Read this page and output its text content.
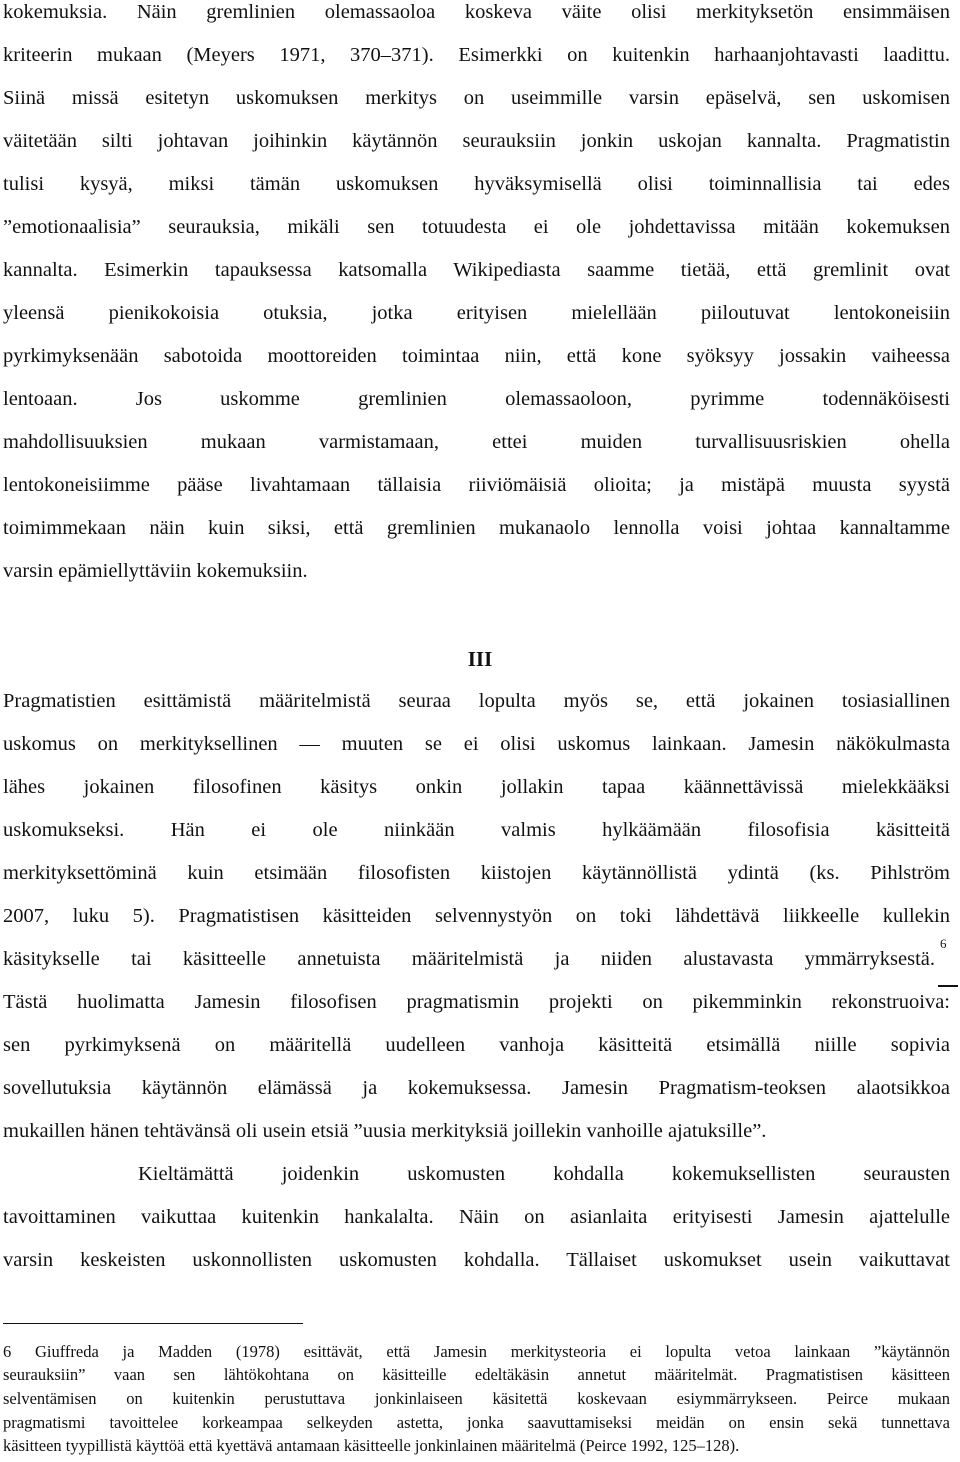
kokemuksia. Näin gremlinien olemassaoloa koskeva väite olisi merkityksetön ensimmäisen
kriteerin mukaan (Meyers 1971, 370–371). Esimerkki on kuitenkin harhaanjohtavasti laadittu.
Siinä missä esitetyn uskomuksen merkitys on useimmille varsin epäselvä, sen uskomisen
väitetään silti johtavan joihinkin käytännön seurauksiin jonkin uskojan kannalta. Pragmatistin
tulisi kysyä, miksi tämän uskomuksen hyväksymisellä olisi toiminnallisia tai edes
”emotionaalisia” seurauksia, mikäli sen totuudesta ei ole johdettavissa mitään kokemuksen
kannalta. Esimerkin tapauksessa katsomalla Wikipediasta saamme tietää, että gremlinit ovat
yleensä pienikokoisia otuksia, jotka erityisen mielellään piiloutuvat lentokoneisiin
pyrkimyksenään sabotoida moottoreiden toimintaa niin, että kone syöksyy jossakin vaiheessa
lentoaan. Jos uskomme gremlinien olemassaoloon, pyrimme todennäköisesti
mahdollisuuksien mukaan varmistamaan, ettei muiden turvallisuusriskien ohella
lentokoneisiimme pääse livahtamaan tällaisia riiviömäisiä olioita; ja mistäpä muusta syystä
toimimmekaan näin kuin siksi, että gremlinien mukanaolo lennolla voisi johtaa kannaltamme
varsin epämiellyttäviin kokemuksiin.
III
Pragmatistien esittämistä määritelmistä seuraa lopulta myös se, että jokainen tosiasiallinen
uskomus on merkityksellinen — muuten se ei olisi uskomus lainkaan. Jamesin näkökulmasta
lähes jokainen filosofinen käsitys onkin jollakin tapaa käännettävissä mielekkääksi
uskomukseksi. Hän ei ole niinkään valmis hylkäämään filosofisia käsitteitä
merkityksettöminä kuin etsimään filosofisten kiistojen käytännöllistä ydintä (ks. Pihlström
2007, luku 5). Pragmatistisen käsitteiden selvennystyön on toki lähdettävä liikkeelle kullekin
käsitykselle tai käsitteelle annetuista määritelmistä ja niiden alustavasta ymmärryksestä.
Tästä huolimatta Jamesin filosofisen pragmatismin projekti on pikemminkin rekonstruoiva:
sen pyrkimyksenä on määritellä uudelleen vanhoja käsitteitä etsimällä niille sopivia
sovellutuksia käytännön elämässä ja kokemuksessa. Jamesin Pragmatism-teoksen alaotsikkoa
mukaillen hänen tehtävänsä oli usein etsiä ”uusia merkityksiä joillekin vanhoille ajatuksille”.
6
Kieltämättä joidenkin uskomusten kohdalla kokemuksellisten seurausten
tavoittaminen vaikuttaa kuitenkin hankalalta. Näin on asianlaita erityisesti Jamesin ajattelulle
varsin keskeisten uskonnollisten uskomusten kohdalla. Tällaiset uskomukset usein vaikuttavat
6 Giuffreda ja Madden (1978) esittävät, että Jamesin merkitysteoria ei lopulta vetoa lainkaan ”käytännön
seurauksiin” vaan sen lähtökohtana on käsitteille edeltäkäsin annetut määritelmät. Pragmatistisen käsitteen
selventämisen on kuitenkin perustuttava jonkinlaiseen käsitettä koskevaan esiymmärrykseen. Peirce mukaan
pragmatismi tavoittelee korkeampaa selkeyden astetta, jonka saavuttamiseksi meidän on ensin sekä tunnettava
käsitteen tyypillistä käyttöä että kyettävä antamaan käsitteelle jonkinlainen määritelmä (Peirce 1992, 125–128).
